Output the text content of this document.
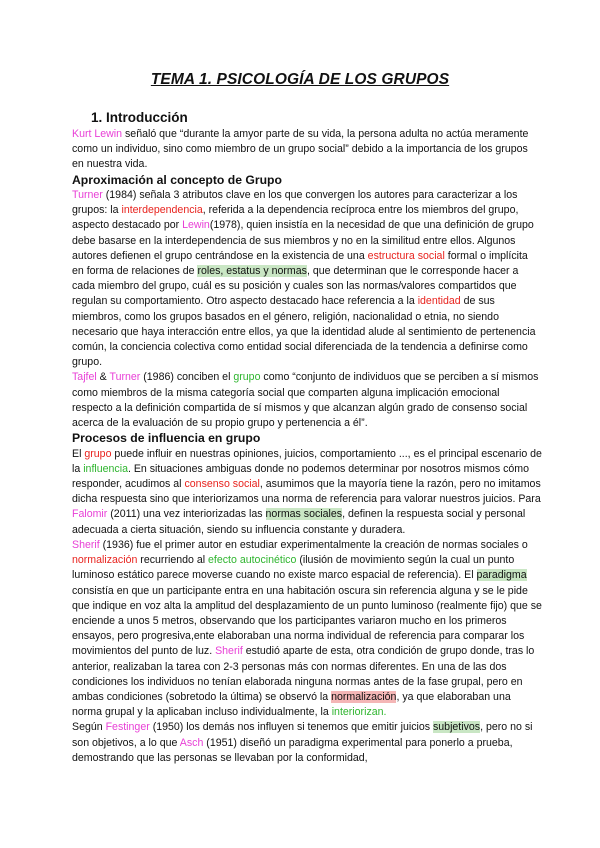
TEMA 1. PSICOLOGÍA DE LOS GRUPOS
1. Introducción

Kurt Lewin señaló que “durante la amyor parte de su vida, la persona adulta no actúa meramente como un individuo, sino como miembro de un grupo social” debido a la importancia de los grupos en nuestra vida.

Aproximación al concepto de Grupo

Turner (1984) señala 3 atributos clave en los que convergen los autores para caracterizar a los grupos: la interdependencia, referida a la dependencia recíproca entre los miembros del grupo, aspecto destacado por Lewin(1978), quien insistía en la necesidad de que una definición de grupo debe basarse en la interdependencia de sus miembros y no en la similitud entre ellos. Algunos autores defienen el grupo centrándose en la existencia de una estructura social formal o implícita en forma de relaciones de roles, estatus y normas, que determinan que le corresponde hacer a cada miembro del grupo, cuál es su posición y cuales son las normas/valores compartidos que regulan su comportamiento. Otro aspecto destacado hace referencia a la identidad de sus miembros, como los grupos basados en el género, religión, nacionalidad o etnia, no siendo necesario que haya interacción entre ellos, ya que la identidad alude al sentimiento de pertenencia común, la conciencia colectiva como entidad social diferenciada de la tendencia a definirse como grupo.

Tajfel & Turner (1986) conciben el grupo como “conjunto de individuos que se perciben a sí mismos como miembros de la misma categoría social que comparten alguna implicación emocional respecto a la definición compartida de sí mismos y que alcanzan algún grado de consenso social acerca de la evaluación de su propio grupo y pertenencia a él”.

Procesos de influencia en grupo

El grupo puede influir en nuestras opiniones, juicios, comportamiento ..., es el principal escenario de la influencia. En situaciones ambiguas donde no podemos determinar por nosotros mismos cómo responder, acudimos al consenso social, asumimos que la mayoría tiene la razón, pero no imitamos dicha respuesta sino que interiorizamos una norma de referencia para valorar nuestros juicios. Para Falomir (2011) una vez interiorizadas las normas sociales, definen la respuesta social y personal adecuada a cierta situación, siendo su influencia constante y duradera.

Sherif (1936) fue el primer autor en estudiar experimentalmente la creación de normas sociales o normalización recurriendo al efecto autocinético (ilusión de movimiento según la cual un punto luminoso estático parece moverse cuando no existe marco espacial de referencia). El paradigma consistía en que un participante entra en una habitación oscura sin referencia alguna y se le pide que indique en voz alta la amplitud del desplazamiento de un punto luminoso (realmente fijo) que se enciende a unos 5 metros, observando que los participantes variaron mucho en los primeros ensayos, pero progresiva,ente elaboraban una norma individual de referencia para comparar los movimientos del punto de luz. Sherif estudió aparte de esta, otra condición de grupo donde, tras lo anterior, realizaban la tarea con 2-3 personas más con normas diferentes. En una de las dos condiciones los individuos no tenían elaborada ninguna normas antes de la fase grupal, pero en ambas condiciones (sobretodo la última) se observó la normalización, ya que elaboraban una norma grupal y la aplicaban incluso individualmente, la interiorizan.

Según Festinger (1950) los demás nos influyen si tenemos que emitir juicios subjetivos, pero no si son objetivos, a lo que Asch (1951) diseñó un paradigma experimental para ponerlo a prueba, demostrando que las personas se llevaban por la conformidad,
